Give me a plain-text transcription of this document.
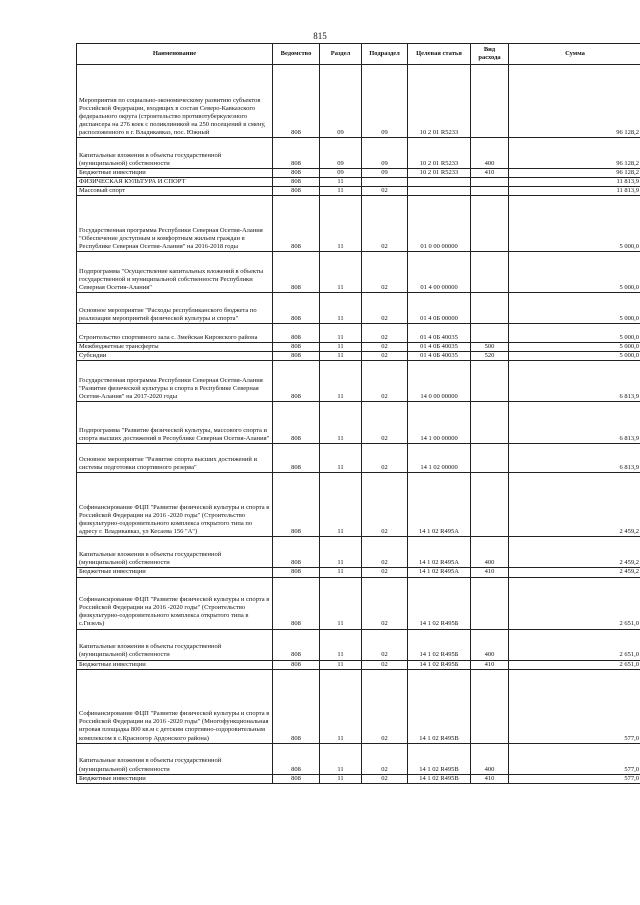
815
Наименование	Ведомство	Раздел	Подраздел	Целевая статья	Вид расхода	Сумма
Мероприятия по социально-экономическому развитию субъектов Российской Федерации, входящих в состав Северо-Кавказского федерального округа (строительство противотуберкулезного диспансера на 276 коек с поликлиникой на 250 посещений в смену, расположенного в г. Владикавказ, пос. Южный	808	09	09	10 2 01 R5233		96 128,2
Капитальные вложения в объекты государственной (муниципальной) собственности	808	09	09	10 2 01 R5233	400	96 128,2
Бюджетные инвестиции	808	09	09	10 2 01 R5233	410	96 128,2
ФИЗИЧЕСКАЯ КУЛЬТУРА И СПОРТ	808	11				11 813,9
Массовый спорт	808	11	02			11 813,9
Государственная программа Республики Северная Осетия-Алания "Обеспечение доступным и комфортным жильем граждан в Республике Северная Осетия-Алания" на 2016-2018 годы	808	11	02	01 0 00 00000		5 000,0
Подпрограмма "Осуществление капитальных вложений в объекты государственной и муниципальной собственности Республики Северная Осетия-Алания"	808	11	02	01 4 00 00000		5 000,0
Основное мероприятие "Расходы республиканского бюджета по реализации мероприятий физической культуры и спорта"	808	11	02	01 4 0Б 00000		5 000,0
Строительство спортивного зала с. Змейская Кировского района	808	11	02	01 4 0Б 40035		5 000,0
Межбюджетные трансферты	808	11	02	01 4 0Б 40035	500	5 000,0
Субсидии	808	11	02	01 4 0Б 40035	520	5 000,0
Государственная программа Республики Северная Осетия-Алания "Развитие физической культуры и спорта в Республике Северная Осетия-Алания" на 2017-2020 годы	808	11	02	14 0 00 00000		6 813,9
Подпрограмма "Развитие физической культуры, массового спорта и спорта высших достижений в Республике Северная Осетия-Алания"	808	11	02	14 1 00 00000		6 813,9
Основное мероприятие "Развитие спорта высших достижений и системы подготовки спортивного резерва"	808	11	02	14 1 02 00000		6 813,9
Софинансирование ФЦП "Развитие физической культуры и спорта в Российской Федерации на 2016 -2020 годы" (Строительство физкультурно-оздоровительного комплекса открытого типа по адресу г. Владикавказ, ул Кесаева 156 "А")	808	11	02	14 1 02 R495А		2 459,2
Капитальные вложения в объекты государственной (муниципальной) собственности	808	11	02	14 1 02 R495А	400	2 459,2
Бюджетные инвестиции	808	11	02	14 1 02 R495А	410	2 459,2
Софинансирование ФЦП "Развитие физической культуры и спорта в Российской Федерации на 2016 -2020 годы" (Строительство физкультурно-оздоровительного комплекса открытого типа в с.Гизель)	808	11	02	14 1 02 R495Б		2 651,0
Капитальные вложения в объекты государственной (муниципальной) собственности	808	11	02	14 1 02 R495Б	400	2 651,0
Бюджетные инвестиции	808	11	02	14 1 02 R495Б	410	2 651,0
Софинансирование ФЦП "Развитие физической культуры и спорта в Российской Федерации на 2016 -2020 годы" (Многофункциональная игровая площадка 800 кв.м с детским спортивно-оздоровительным комплексом в с.Красногор Ардонского района)	808	11	02	14 1 02 R495В		577,0
Капитальные вложения в объекты государственной (муниципальной) собственности	808	11	02	14 1 02 R495В	400	577,0
Бюджетные инвестиции	808	11	02	14 1 02 R495В	410	577,0
